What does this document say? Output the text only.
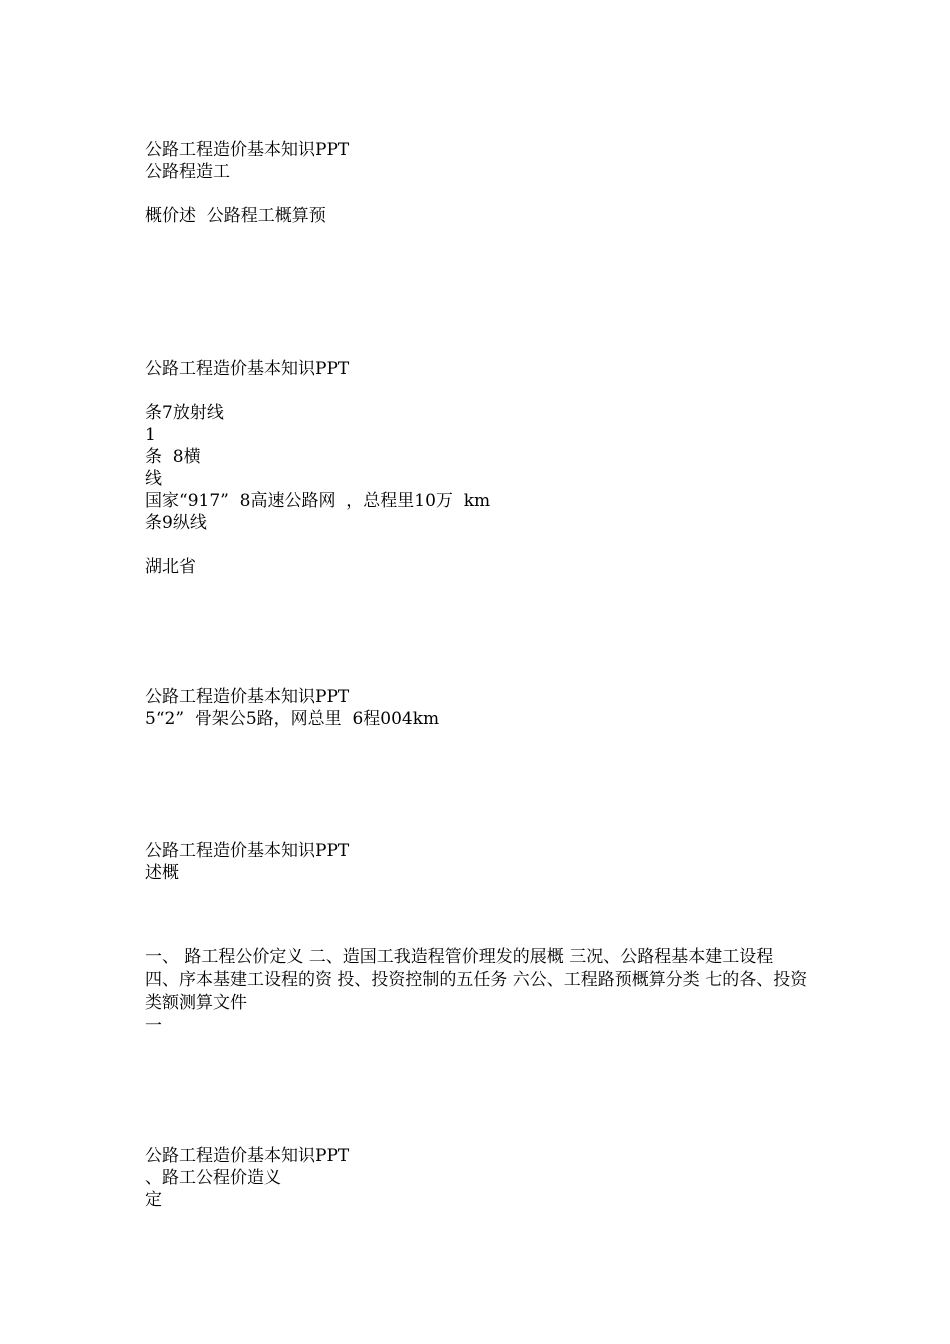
公路工程造价基本知识PPT
公路程造工
概价述  公路程工概算预
公路工程造价基本知识PPT
条7放射线
1
条  8横
线
国家“917”  8高速公路网  ，总程里10万  km
条9纵线
湖北省
公路工程造价基本知识PPT
5“2”  骨架公5路，网总里  6程004km
公路工程造价基本知识PPT
述概
一、 路工程公价定义 二、造国工我造程管价理发的展概 三况、公路程基本建工设程 四、序本基建工设程的资 投、投资控制的五任务 六公、工程路预概算分类 七的各、投资类额测算文件
一
公路工程造价基本知识PPT
、路工公程价造义
定
